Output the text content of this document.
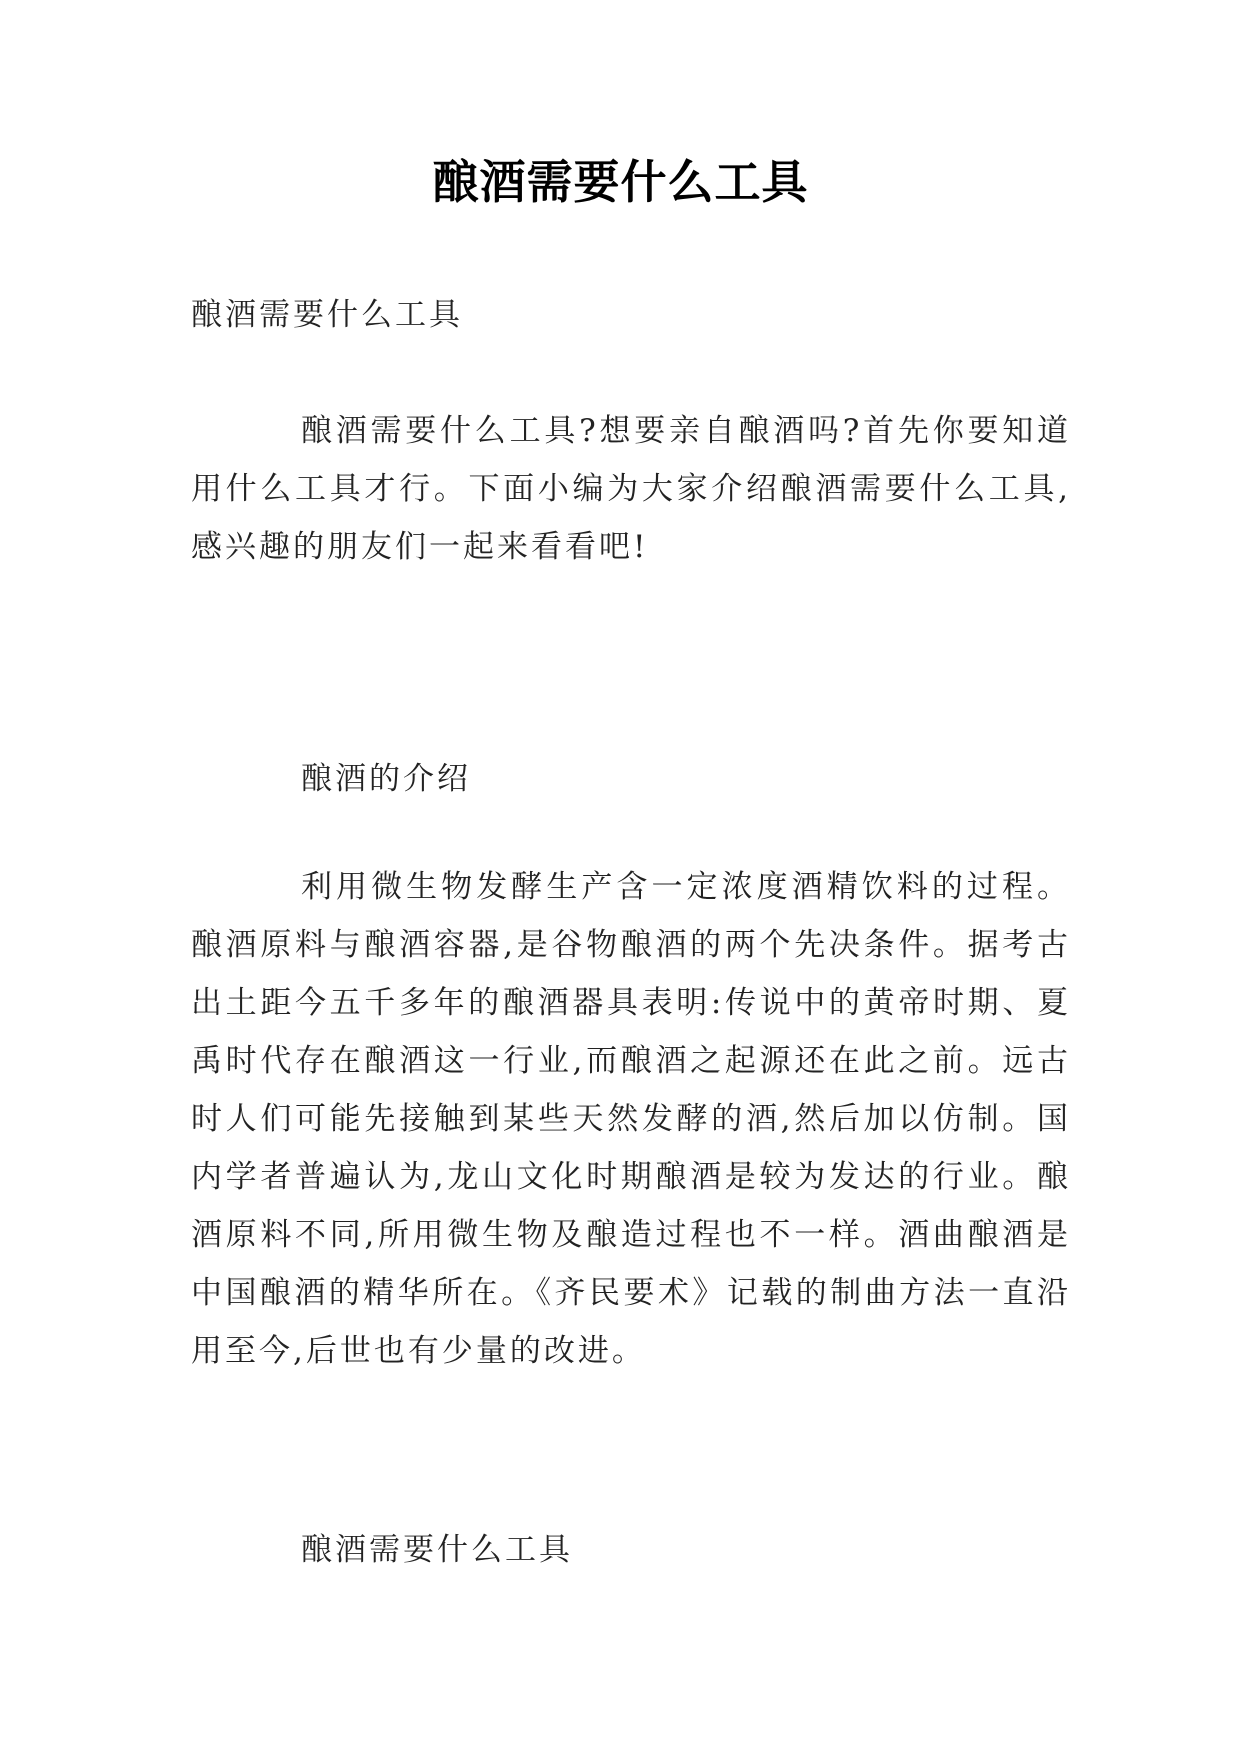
酿酒需要什么工具
酿酒需要什么工具
酿酒需要什么工具?想要亲自酿酒吗?首先你要知道用什么工具才行。下面小编为大家介绍酿酒需要什么工具,感兴趣的朋友们一起来看看吧!
酿酒的介绍
利用微生物发酵生产含一定浓度酒精饮料的过程。酿酒原料与酿酒容器,是谷物酿酒的两个先决条件。据考古出土距今五千多年的酿酒器具表明:传说中的黄帝时期、夏禹时代存在酿酒这一行业,而酿酒之起源还在此之前。远古时人们可能先接触到某些天然发酵的酒,然后加以仿制。国内学者普遍认为,龙山文化时期酿酒是较为发达的行业。酿酒原料不同,所用微生物及酿造过程也不一样。酒曲酿酒是中国酿酒的精华所在。《齐民要术》记载的制曲方法一直沿用至今,后世也有少量的改进。
酿酒需要什么工具
